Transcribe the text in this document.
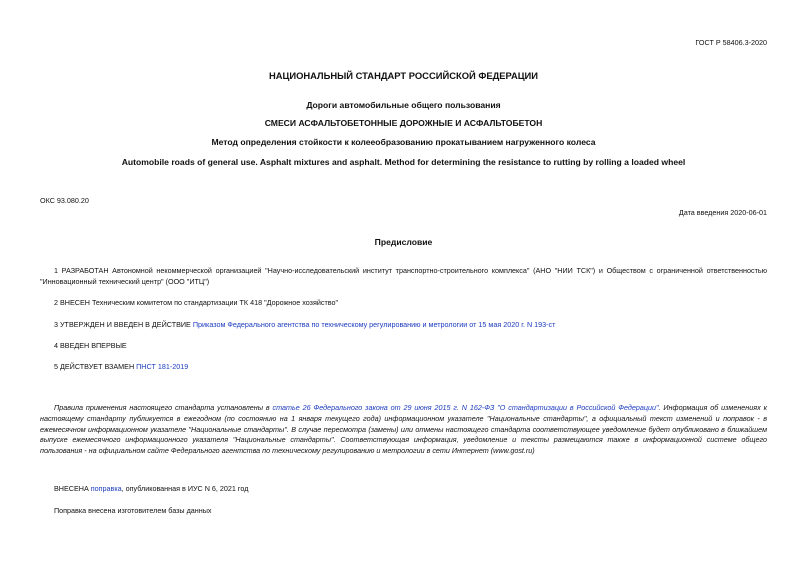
ГОСТ Р 58406.3-2020
НАЦИОНАЛЬНЫЙ СТАНДАРТ РОССИЙСКОЙ ФЕДЕРАЦИИ
Дороги автомобильные общего пользования
СМЕСИ АСФАЛЬТОБЕТОННЫЕ ДОРОЖНЫЕ И АСФАЛЬТОБЕТОН
Метод определения стойкости к колееобразованию прокатыванием нагруженного колеса
Automobile roads of general use. Asphalt mixtures and asphalt. Method for determining the resistance to rutting by rolling a loaded wheel
ОКС 93.080.20
Дата введения 2020-06-01
Предисловие
1 РАЗРАБОТАН Автономной некоммерческой организацией "Научно-исследовательский институт транспортно-строительного комплекса" (АНО "НИИ ТСК") и Обществом с ограниченной ответственностью "Инновационный технический центр" (ООО "ИТЦ")
2 ВНЕСЕН Техническим комитетом по стандартизации ТК 418 "Дорожное хозяйство"
3 УТВЕРЖДЕН И ВВЕДЕН В ДЕЙСТВИЕ Приказом Федерального агентства по техническому регулированию и метрологии от 15 мая 2020 г. N 193-ст
4 ВВЕДЕН ВПЕРВЫЕ
5 ДЕЙСТВУЕТ ВЗАМЕН ПНСТ 181-2019
Правила применения настоящего стандарта установлены в статье 26 Федерального закона от 29 июня 2015 г. N 162-ФЗ "О стандартизации в Российской Федерации". Информация об изменениях к настоящему стандарту публикуется в ежегодном (по состоянию на 1 января текущего года) информационном указателе "Национальные стандарты", а официальный текст изменений и поправок - в ежемесячном информационном указателе "Национальные стандарты". В случае пересмотра (замены) или отмены настоящего стандарта соответствующее уведомление будет опубликовано в ближайшем выпуске ежемесячного информационного указателя "Национальные стандарты". Соответствующая информация, уведомление и тексты размещаются также в информационной системе общего пользования - на официальном сайте Федерального агентства по техническому регулированию и метрологии в сети Интернет (www.gost.ru)
ВНЕСЕНА поправка, опубликованная в ИУС N 6, 2021 год
Поправка внесена изготовителем базы данных
